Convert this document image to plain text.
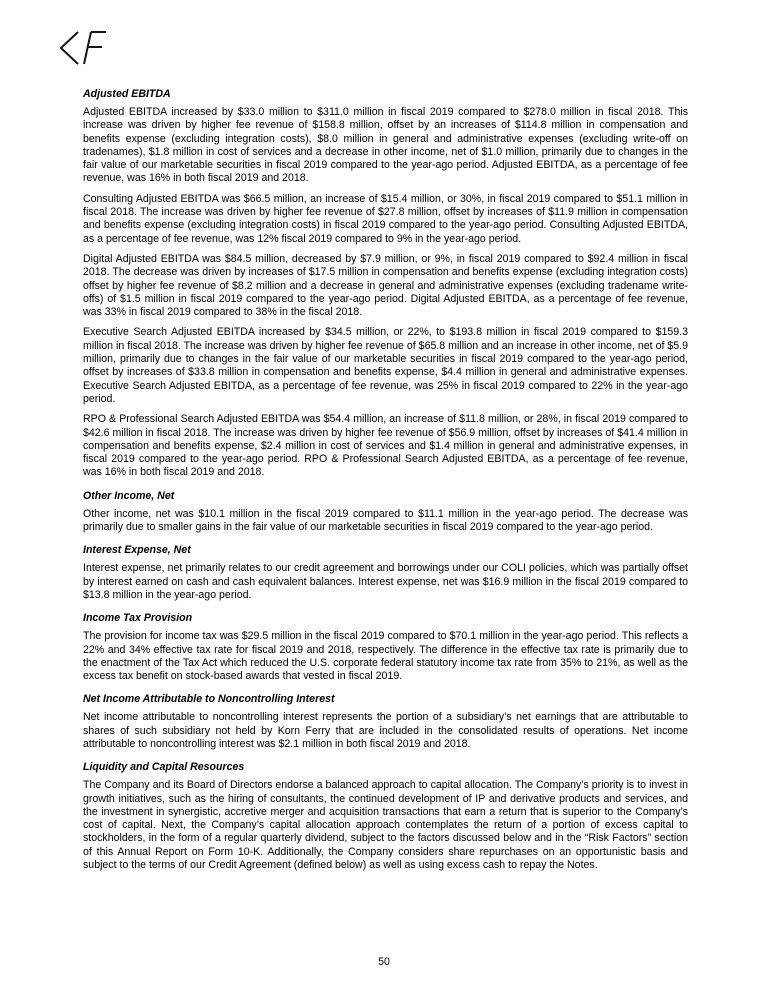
Adjusted EBITDA

Adjusted EBITDA increased by $33.0 million to $311.0 million in fiscal 2019 compared to $278.0 million in fiscal 2018. This increase was driven by higher fee revenue of $158.8 million, offset by an increases of $114.8 million in compensation and benefits expense (excluding integration costs), $8.0 million in general and administrative expenses (excluding write-off on tradenames), $1.8 million in cost of services and a decrease in other income, net of $1.0 million, primarily due to changes in the fair value of our marketable securities in fiscal 2019 compared to the year-ago period. Adjusted EBITDA, as a percentage of fee revenue, was 16% in both fiscal 2019 and 2018.

Consulting Adjusted EBITDA was $66.5 million, an increase of $15.4 million, or 30%, in fiscal 2019 compared to $51.1 million in fiscal 2018. The increase was driven by higher fee revenue of $27.8 million, offset by increases of $11.9 million in compensation and benefits expense (excluding integration costs) in fiscal 2019 compared to the year-ago period. Consulting Adjusted EBITDA, as a percentage of fee revenue, was 12% fiscal 2019 compared to 9% in the year-ago period.

Digital Adjusted EBITDA was $84.5 million, decreased by $7.9 million, or 9%, in fiscal 2019 compared to $92.4 million in fiscal 2018. The decrease was driven by increases of $17.5 million in compensation and benefits expense (excluding integration costs) offset by higher fee revenue of $8.2 million and a decrease in general and administrative expenses (excluding tradename write-offs) of $1.5 million in fiscal 2019 compared to the year-ago period. Digital Adjusted EBITDA, as a percentage of fee revenue, was 33% in fiscal 2019 compared to 38% in the fiscal 2018.

Executive Search Adjusted EBITDA increased by $34.5 million, or 22%, to $193.8 million in fiscal 2019 compared to $159.3 million in fiscal 2018. The increase was driven by higher fee revenue of $65.8 million and an increase in other income, net of $5.9 million, primarily due to changes in the fair value of our marketable securities in fiscal 2019 compared to the year-ago period, offset by increases of $33.8 million in compensation and benefits expense, $4.4 million in general and administrative expenses. Executive Search Adjusted EBITDA, as a percentage of fee revenue, was 25% in fiscal 2019 compared to 22% in the year-ago period.

RPO & Professional Search Adjusted EBITDA was $54.4 million, an increase of $11.8 million, or 28%, in fiscal 2019 compared to $42.6 million in fiscal 2018. The increase was driven by higher fee revenue of $56.9 million, offset by increases of $41.4 million in compensation and benefits expense, $2.4 million in cost of services and $1.4 million in general and administrative expenses, in fiscal 2019 compared to the year-ago period. RPO & Professional Search Adjusted EBITDA, as a percentage of fee revenue, was 16% in both fiscal 2019 and 2018.

Other Income, Net

Other income, net was $10.1 million in the fiscal 2019 compared to $11.1 million in the year-ago period. The decrease was primarily due to smaller gains in the fair value of our marketable securities in fiscal 2019 compared to the year-ago period.

Interest Expense, Net

Interest expense, net primarily relates to our credit agreement and borrowings under our COLI policies, which was partially offset by interest earned on cash and cash equivalent balances. Interest expense, net was $16.9 million in the fiscal 2019 compared to $13.8 million in the year-ago period.

Income Tax Provision

The provision for income tax was $29.5 million in the fiscal 2019 compared to $70.1 million in the year-ago period. This reflects a 22% and 34% effective tax rate for fiscal 2019 and 2018, respectively. The difference in the effective tax rate is primarily due to the enactment of the Tax Act which reduced the U.S. corporate federal statutory income tax rate from 35% to 21%, as well as the excess tax benefit on stock-based awards that vested in fiscal 2019.

Net Income Attributable to Noncontrolling Interest

Net income attributable to noncontrolling interest represents the portion of a subsidiary’s net earnings that are attributable to shares of such subsidiary not held by Korn Ferry that are included in the consolidated results of operations. Net income attributable to noncontrolling interest was $2.1 million in both fiscal 2019 and 2018.

Liquidity and Capital Resources

The Company and its Board of Directors endorse a balanced approach to capital allocation. The Company’s priority is to invest in growth initiatives, such as the hiring of consultants, the continued development of IP and derivative products and services, and the investment in synergistic, accretive merger and acquisition transactions that earn a return that is superior to the Company’s cost of capital. Next, the Company’s capital allocation approach contemplates the return of a portion of excess capital to stockholders, in the form of a regular quarterly dividend, subject to the factors discussed below and in the “Risk Factors” section of this Annual Report on Form 10-K. Additionally, the Company considers share repurchases on an opportunistic basis and subject to the terms of our Credit Agreement (defined below) as well as using excess cash to repay the Notes.

50
